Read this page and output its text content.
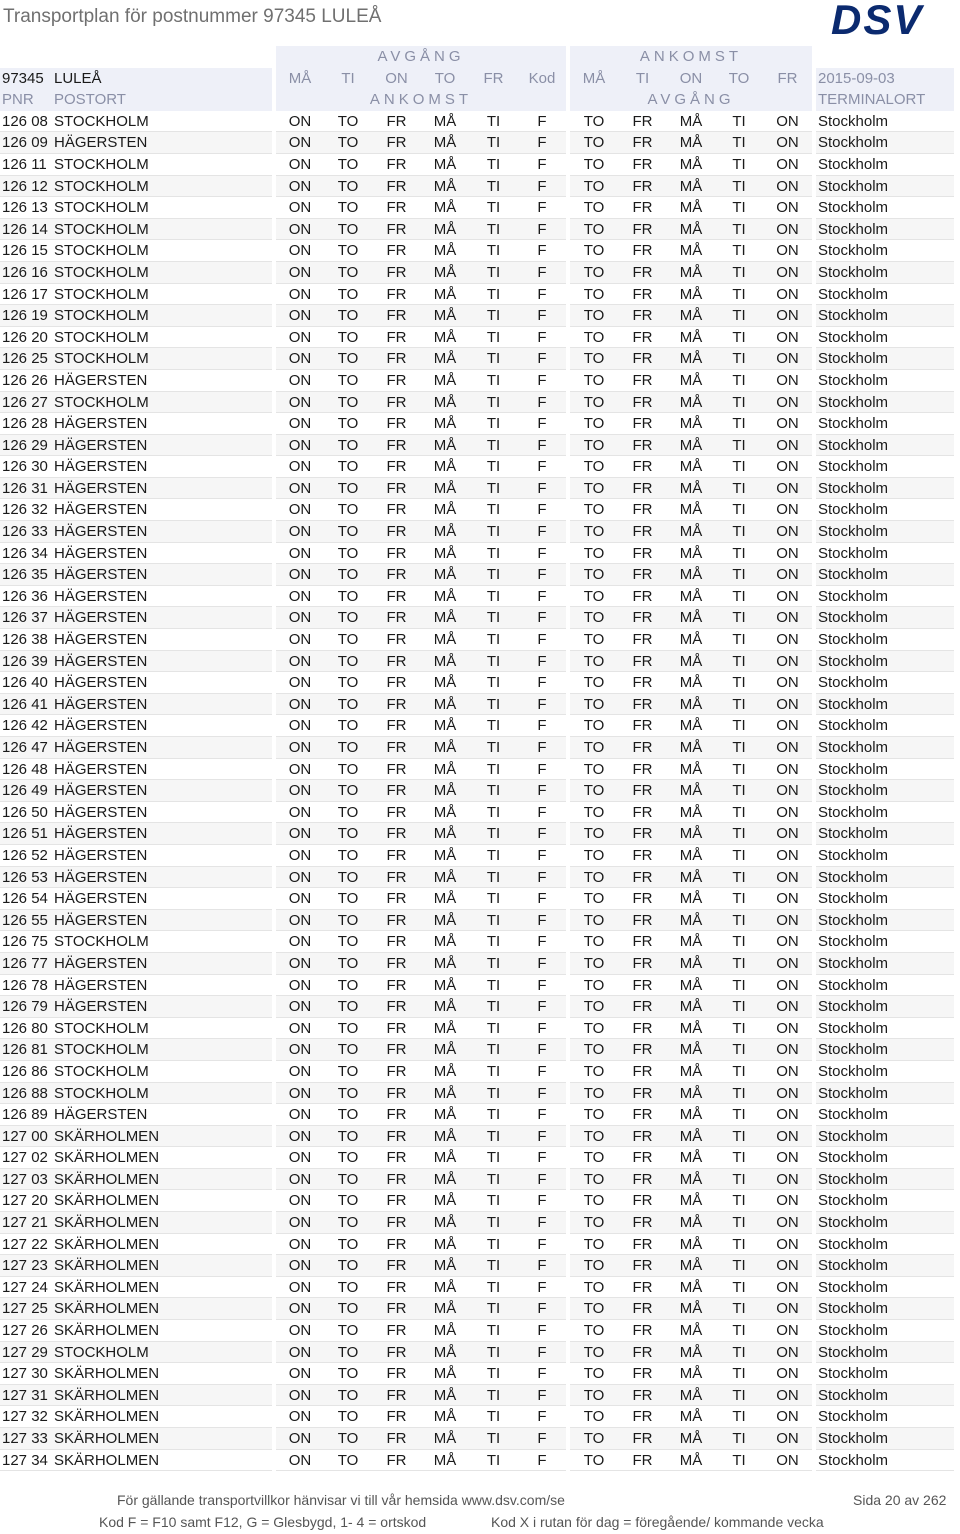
Transportplan för postnummer 97345 LULEÅ	DSV
AVGÅNG	ANKOMST
97345 LULEÅ	MÅ	TI	ON	TO	FR	Kod	MÅ	TI	ON	TO	FR	2015-09-03
PNR	POSTORT	ANKOMST	AVGÅNG	TERMINALORT
126 08 STOCKHOLM	ON	TO	FR	MÅ	TI	F	TO	FR	MÅ	TI	ON	Stockholm
126 09 HÄGERSTEN	ON	TO	FR	MÅ	TI	F	TO	FR	MÅ	TI	ON	Stockholm
126 11 STOCKHOLM	ON	TO	FR	MÅ	TI	F	TO	FR	MÅ	TI	ON	Stockholm
126 12 STOCKHOLM	ON	TO	FR	MÅ	TI	F	TO	FR	MÅ	TI	ON	Stockholm
126 13 STOCKHOLM	ON	TO	FR	MÅ	TI	F	TO	FR	MÅ	TI	ON	Stockholm
126 14 STOCKHOLM	ON	TO	FR	MÅ	TI	F	TO	FR	MÅ	TI	ON	Stockholm
126 15 STOCKHOLM	ON	TO	FR	MÅ	TI	F	TO	FR	MÅ	TI	ON	Stockholm
126 16 STOCKHOLM	ON	TO	FR	MÅ	TI	F	TO	FR	MÅ	TI	ON	Stockholm
126 17 STOCKHOLM	ON	TO	FR	MÅ	TI	F	TO	FR	MÅ	TI	ON	Stockholm
126 19 STOCKHOLM	ON	TO	FR	MÅ	TI	F	TO	FR	MÅ	TI	ON	Stockholm
126 20 STOCKHOLM	ON	TO	FR	MÅ	TI	F	TO	FR	MÅ	TI	ON	Stockholm
126 25 STOCKHOLM	ON	TO	FR	MÅ	TI	F	TO	FR	MÅ	TI	ON	Stockholm
126 26 HÄGERSTEN	ON	TO	FR	MÅ	TI	F	TO	FR	MÅ	TI	ON	Stockholm
126 27 STOCKHOLM	ON	TO	FR	MÅ	TI	F	TO	FR	MÅ	TI	ON	Stockholm
126 28 HÄGERSTEN	ON	TO	FR	MÅ	TI	F	TO	FR	MÅ	TI	ON	Stockholm
126 29 HÄGERSTEN	ON	TO	FR	MÅ	TI	F	TO	FR	MÅ	TI	ON	Stockholm
126 30 HÄGERSTEN	ON	TO	FR	MÅ	TI	F	TO	FR	MÅ	TI	ON	Stockholm
126 31 HÄGERSTEN	ON	TO	FR	MÅ	TI	F	TO	FR	MÅ	TI	ON	Stockholm
126 32 HÄGERSTEN	ON	TO	FR	MÅ	TI	F	TO	FR	MÅ	TI	ON	Stockholm
126 33 HÄGERSTEN	ON	TO	FR	MÅ	TI	F	TO	FR	MÅ	TI	ON	Stockholm
126 34 HÄGERSTEN	ON	TO	FR	MÅ	TI	F	TO	FR	MÅ	TI	ON	Stockholm
126 35 HÄGERSTEN	ON	TO	FR	MÅ	TI	F	TO	FR	MÅ	TI	ON	Stockholm
126 36 HÄGERSTEN	ON	TO	FR	MÅ	TI	F	TO	FR	MÅ	TI	ON	Stockholm
126 37 HÄGERSTEN	ON	TO	FR	MÅ	TI	F	TO	FR	MÅ	TI	ON	Stockholm
126 38 HÄGERSTEN	ON	TO	FR	MÅ	TI	F	TO	FR	MÅ	TI	ON	Stockholm
126 39 HÄGERSTEN	ON	TO	FR	MÅ	TI	F	TO	FR	MÅ	TI	ON	Stockholm
126 40 HÄGERSTEN	ON	TO	FR	MÅ	TI	F	TO	FR	MÅ	TI	ON	Stockholm
126 41 HÄGERSTEN	ON	TO	FR	MÅ	TI	F	TO	FR	MÅ	TI	ON	Stockholm
126 42 HÄGERSTEN	ON	TO	FR	MÅ	TI	F	TO	FR	MÅ	TI	ON	Stockholm
126 47 HÄGERSTEN	ON	TO	FR	MÅ	TI	F	TO	FR	MÅ	TI	ON	Stockholm
126 48 HÄGERSTEN	ON	TO	FR	MÅ	TI	F	TO	FR	MÅ	TI	ON	Stockholm
126 49 HÄGERSTEN	ON	TO	FR	MÅ	TI	F	TO	FR	MÅ	TI	ON	Stockholm
126 50 HÄGERSTEN	ON	TO	FR	MÅ	TI	F	TO	FR	MÅ	TI	ON	Stockholm
126 51 HÄGERSTEN	ON	TO	FR	MÅ	TI	F	TO	FR	MÅ	TI	ON	Stockholm
126 52 HÄGERSTEN	ON	TO	FR	MÅ	TI	F	TO	FR	MÅ	TI	ON	Stockholm
126 53 HÄGERSTEN	ON	TO	FR	MÅ	TI	F	TO	FR	MÅ	TI	ON	Stockholm
126 54 HÄGERSTEN	ON	TO	FR	MÅ	TI	F	TO	FR	MÅ	TI	ON	Stockholm
126 55 HÄGERSTEN	ON	TO	FR	MÅ	TI	F	TO	FR	MÅ	TI	ON	Stockholm
126 75 STOCKHOLM	ON	TO	FR	MÅ	TI	F	TO	FR	MÅ	TI	ON	Stockholm
126 77 HÄGERSTEN	ON	TO	FR	MÅ	TI	F	TO	FR	MÅ	TI	ON	Stockholm
126 78 HÄGERSTEN	ON	TO	FR	MÅ	TI	F	TO	FR	MÅ	TI	ON	Stockholm
126 79 HÄGERSTEN	ON	TO	FR	MÅ	TI	F	TO	FR	MÅ	TI	ON	Stockholm
126 80 STOCKHOLM	ON	TO	FR	MÅ	TI	F	TO	FR	MÅ	TI	ON	Stockholm
126 81 STOCKHOLM	ON	TO	FR	MÅ	TI	F	TO	FR	MÅ	TI	ON	Stockholm
126 86 STOCKHOLM	ON	TO	FR	MÅ	TI	F	TO	FR	MÅ	TI	ON	Stockholm
126 88 STOCKHOLM	ON	TO	FR	MÅ	TI	F	TO	FR	MÅ	TI	ON	Stockholm
126 89 HÄGERSTEN	ON	TO	FR	MÅ	TI	F	TO	FR	MÅ	TI	ON	Stockholm
127 00 SKÄRHOLMEN	ON	TO	FR	MÅ	TI	F	TO	FR	MÅ	TI	ON	Stockholm
127 02 SKÄRHOLMEN	ON	TO	FR	MÅ	TI	F	TO	FR	MÅ	TI	ON	Stockholm
127 03 SKÄRHOLMEN	ON	TO	FR	MÅ	TI	F	TO	FR	MÅ	TI	ON	Stockholm
127 20 SKÄRHOLMEN	ON	TO	FR	MÅ	TI	F	TO	FR	MÅ	TI	ON	Stockholm
127 21 SKÄRHOLMEN	ON	TO	FR	MÅ	TI	F	TO	FR	MÅ	TI	ON	Stockholm
127 22 SKÄRHOLMEN	ON	TO	FR	MÅ	TI	F	TO	FR	MÅ	TI	ON	Stockholm
127 23 SKÄRHOLMEN	ON	TO	FR	MÅ	TI	F	TO	FR	MÅ	TI	ON	Stockholm
127 24 SKÄRHOLMEN	ON	TO	FR	MÅ	TI	F	TO	FR	MÅ	TI	ON	Stockholm
127 25 SKÄRHOLMEN	ON	TO	FR	MÅ	TI	F	TO	FR	MÅ	TI	ON	Stockholm
127 26 SKÄRHOLMEN	ON	TO	FR	MÅ	TI	F	TO	FR	MÅ	TI	ON	Stockholm
127 29 STOCKHOLM	ON	TO	FR	MÅ	TI	F	TO	FR	MÅ	TI	ON	Stockholm
127 30 SKÄRHOLMEN	ON	TO	FR	MÅ	TI	F	TO	FR	MÅ	TI	ON	Stockholm
127 31 SKÄRHOLMEN	ON	TO	FR	MÅ	TI	F	TO	FR	MÅ	TI	ON	Stockholm
127 32 SKÄRHOLMEN	ON	TO	FR	MÅ	TI	F	TO	FR	MÅ	TI	ON	Stockholm
127 33 SKÄRHOLMEN	ON	TO	FR	MÅ	TI	F	TO	FR	MÅ	TI	ON	Stockholm
127 34 SKÄRHOLMEN	ON	TO	FR	MÅ	TI	F	TO	FR	MÅ	TI	ON	Stockholm
För gällande transportvillkor hänvisar vi till vår hemsida www.dsv.com/se	Sida 20 av 262
Kod F = F10 samt F12, G = Glesbygd, 1- 4 = ortskod	Kod X i rutan för dag = föregående/ kommande vecka
